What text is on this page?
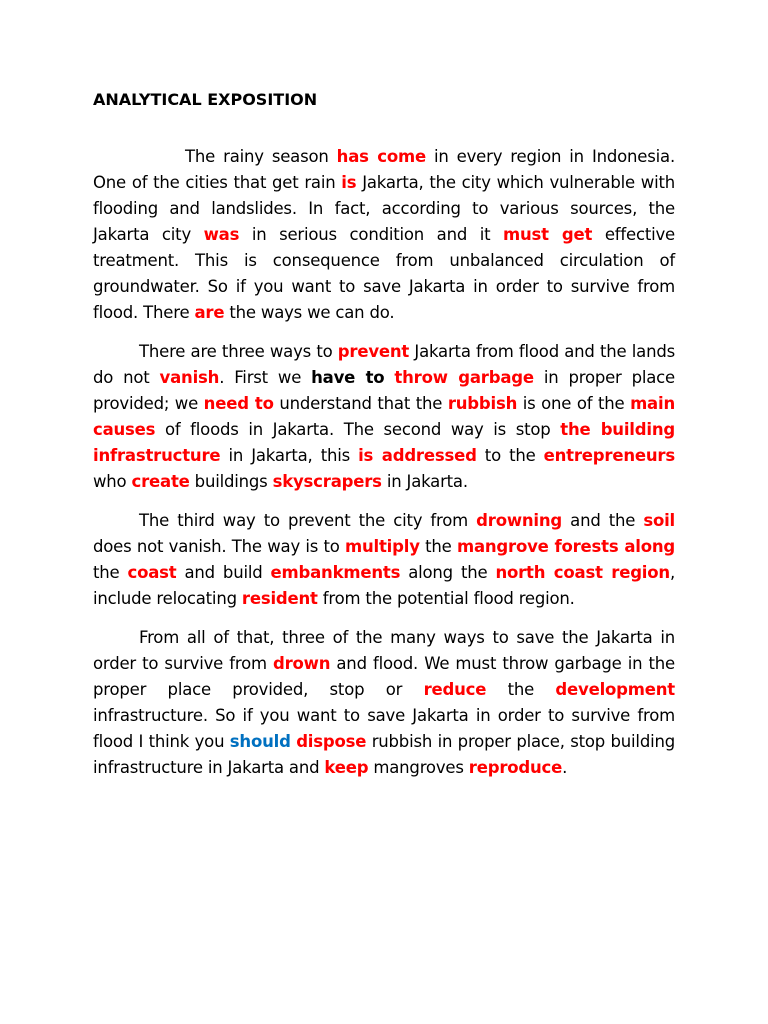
ANALYTICAL EXPOSITION

The rainy season has come in every region in Indonesia. One of the cities that get rain is Jakarta, the city which vulnerable with flooding and landslides. In fact, according to various sources, the Jakarta city was in serious condition and it must get effective treatment. This is consequence from unbalanced circulation of groundwater. So if you want to save Jakarta in order to survive from flood. There are the ways we can do.

There are three ways to prevent Jakarta from flood and the lands do not vanish. First we have to throw garbage in proper place provided; we need to understand that the rubbish is one of the main causes of floods in Jakarta. The second way is stop the building infrastructure in Jakarta, this is addressed to the entrepreneurs who create buildings skyscrapers in Jakarta.

The third way to prevent the city from drowning and the soil does not vanish. The way is to multiply the mangrove forests along the coast and build embankments along the north coast region, include relocating resident from the potential flood region.

From all of that, three of the many ways to save the Jakarta in order to survive from drown and flood. We must throw garbage in the proper place provided, stop or reduce the development infrastructure. So if you want to save Jakarta in order to survive from flood I think you should dispose rubbish in proper place, stop building infrastructure in Jakarta and keep mangroves reproduce.
